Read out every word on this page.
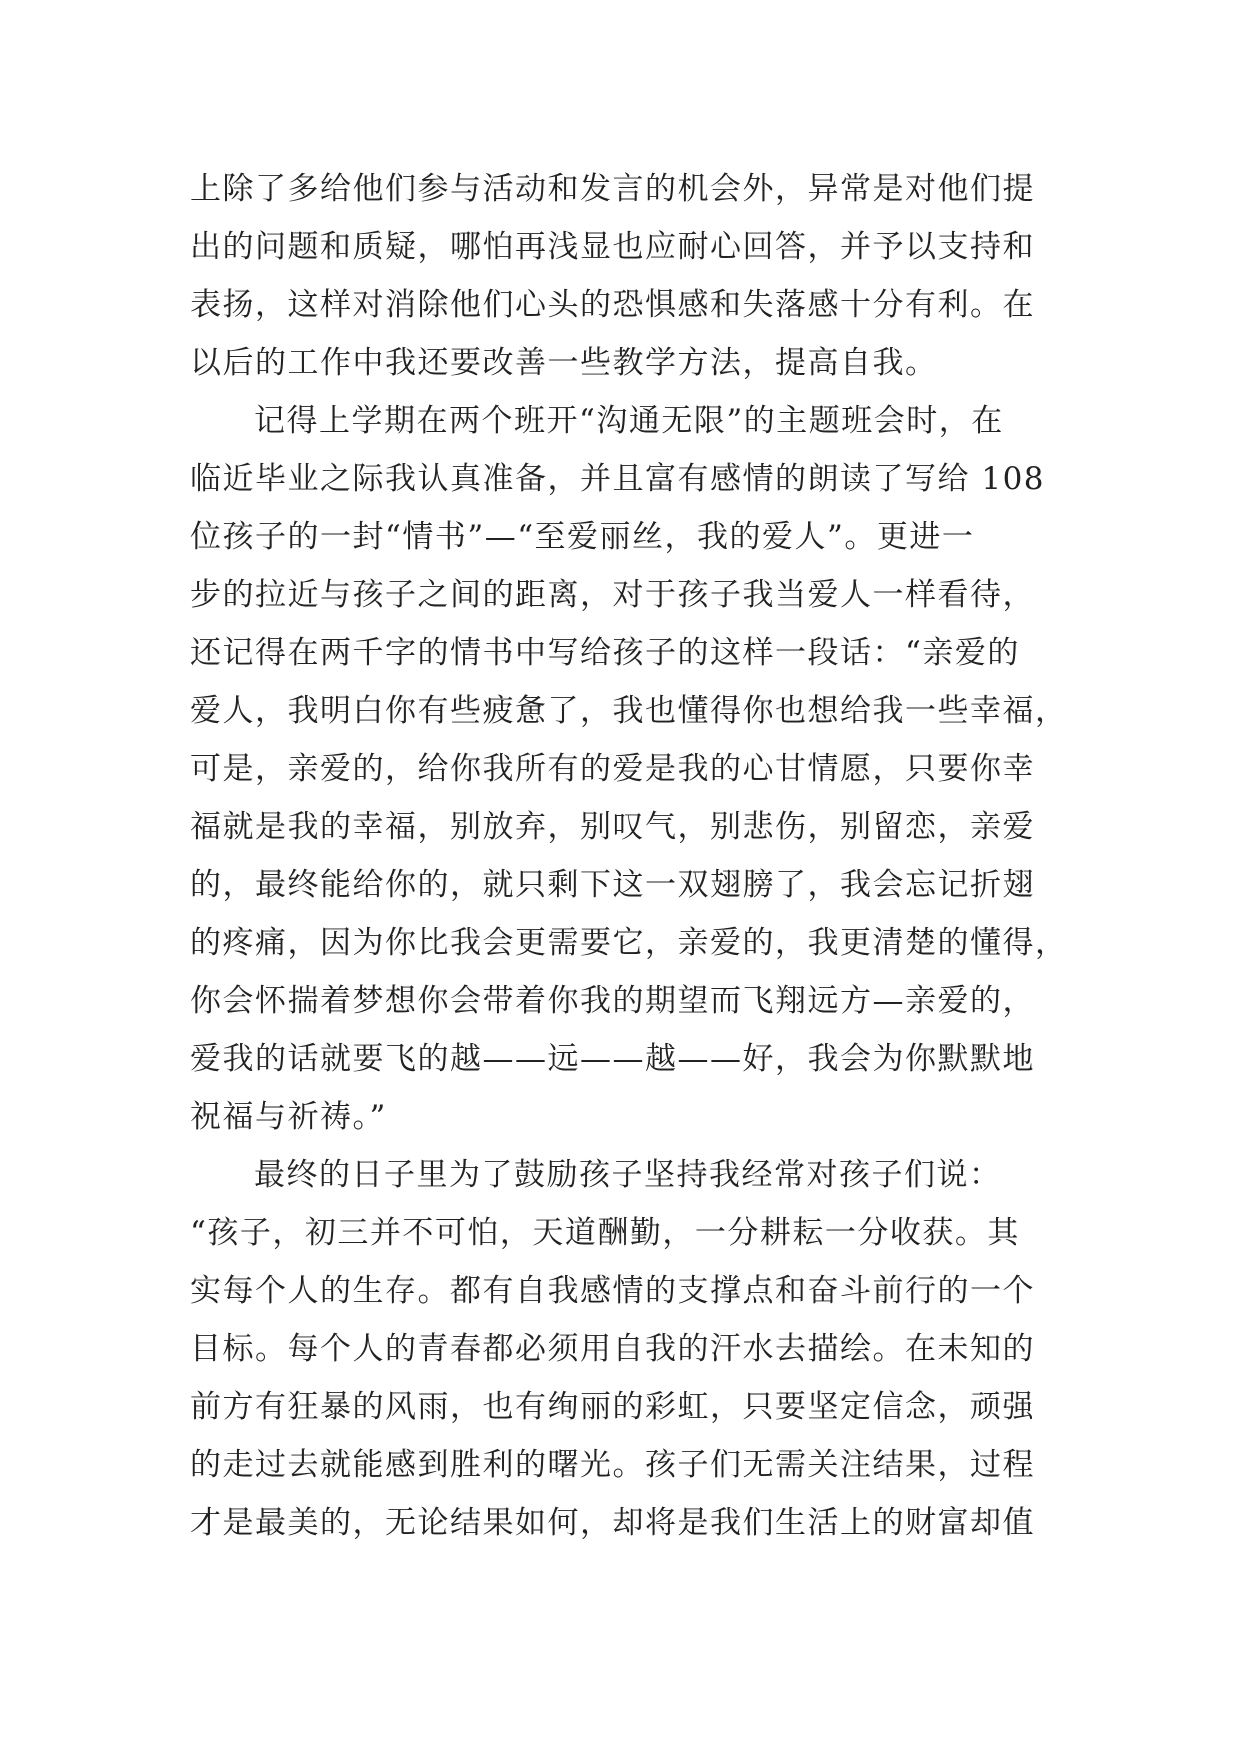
上除了多给他们参与活动和发言的机会外，异常是对他们提
出的问题和质疑，哪怕再浅显也应耐心回答，并予以支持和
表扬，这样对消除他们心头的恐惧感和失落感十分有利。在
以后的工作中我还要改善一些教学方法，提高自我。
记得上学期在两个班开“沟通无限”的主题班会时，在
临近毕业之际我认真准备，并且富有感情的朗读了写给 108
位孩子的一封“情书”—“至爱丽丝，我的爱人”。更进一
步的拉近与孩子之间的距离，对于孩子我当爱人一样看待，
还记得在两千字的情书中写给孩子的这样一段话：“亲爱的
爱人，我明白你有些疲惫了，我也懂得你也想给我一些幸福，
可是，亲爱的，给你我所有的爱是我的心甘情愿，只要你幸
福就是我的幸福，别放弃，别叹气，别悲伤，别留恋，亲爱
的，最终能给你的，就只剩下这一双翅膀了，我会忘记折翅
的疼痛，因为你比我会更需要它，亲爱的，我更清楚的懂得，
你会怀揣着梦想你会带着你我的期望而飞翔远方—亲爱的，
爱我的话就要飞的越——远——越——好，我会为你默默地
祝福与祈祷。”
最终的日子里为了鼓励孩子坚持我经常对孩子们说：
“孩子，初三并不可怕，天道酬勤，一分耕耘一分收获。其
实每个人的生存。都有自我感情的支撑点和奋斗前行的一个
目标。每个人的青春都必须用自我的汗水去描绘。在未知的
前方有狂暴的风雨，也有绚丽的彩虹，只要坚定信念，顽强
的走过去就能感到胜利的曙光。孩子们无需关注结果，过程
才是最美的，无论结果如何，却将是我们生活上的财富却值
